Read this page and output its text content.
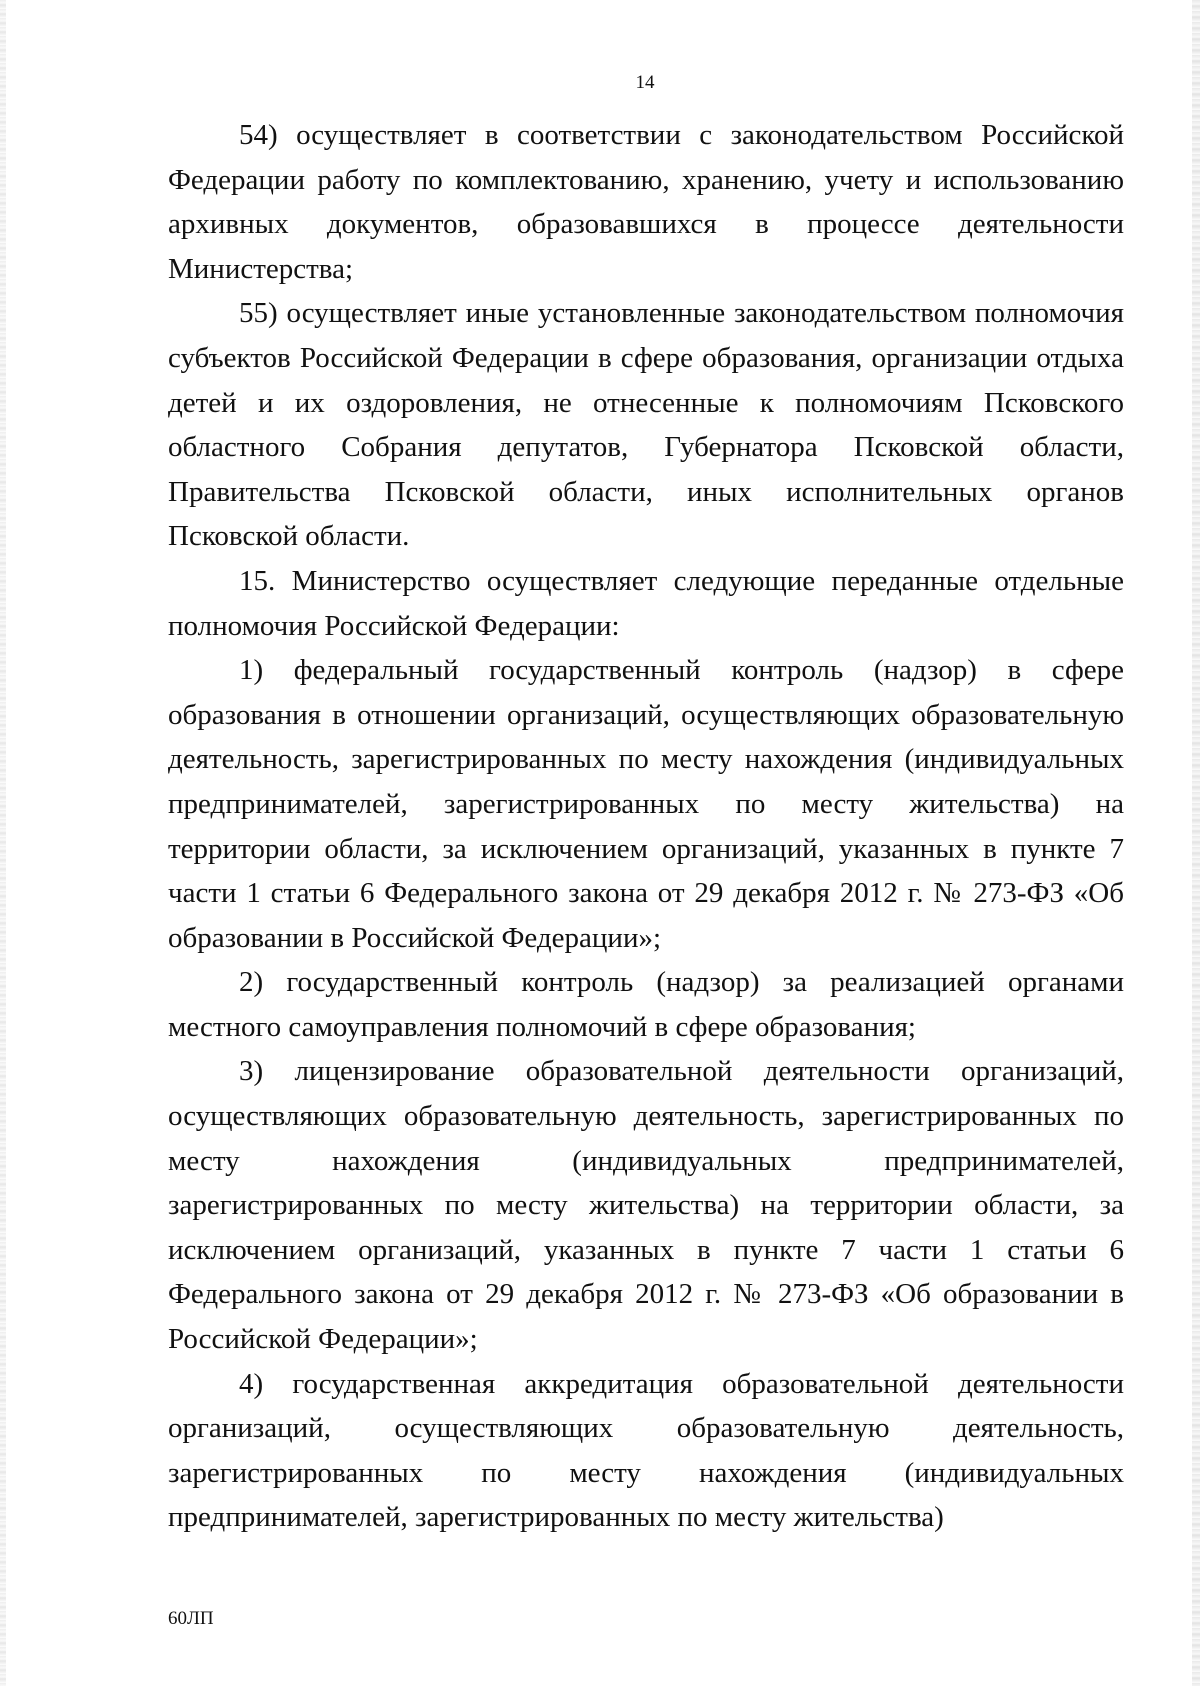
14

54) осуществляет в соответствии с законодательством Российской Федерации работу по комплектованию, хранению, учету и использованию архивных документов, образовавшихся в процессе деятельности Министерства;

55) осуществляет иные установленные законодательством полномочия субъектов Российской Федерации в сфере образования, организации отдыха детей и их оздоровления, не отнесенные к полномочиям Псковского областного Собрания депутатов, Губернатора Псковской области, Правительства Псковской области, иных исполнительных органов Псковской области.

15. Министерство осуществляет следующие переданные отдельные полномочия Российской Федерации:

1) федеральный государственный контроль (надзор) в сфере образования в отношении организаций, осуществляющих образовательную деятельность, зарегистрированных по месту нахождения (индивидуальных предпринимателей, зарегистрированных по месту жительства) на территории области, за исключением организаций, указанных в пункте 7 части 1 статьи 6 Федерального закона от 29 декабря 2012 г. № 273-ФЗ «Об образовании в Российской Федерации»;

2) государственный контроль (надзор) за реализацией органами местного самоуправления полномочий в сфере образования;

3) лицензирование образовательной деятельности организаций, осуществляющих образовательную деятельность, зарегистрированных по месту нахождения (индивидуальных предпринимателей, зарегистрированных по месту жительства) на территории области, за исключением организаций, указанных в пункте 7 части 1 статьи 6 Федерального закона от 29 декабря 2012 г. № 273-ФЗ «Об образовании в Российской Федерации»;

4) государственная аккредитация образовательной деятельности организаций, осуществляющих образовательную деятельность, зарегистрированных по месту нахождения (индивидуальных предпринимателей, зарегистрированных по месту жительства)

60ЛП
